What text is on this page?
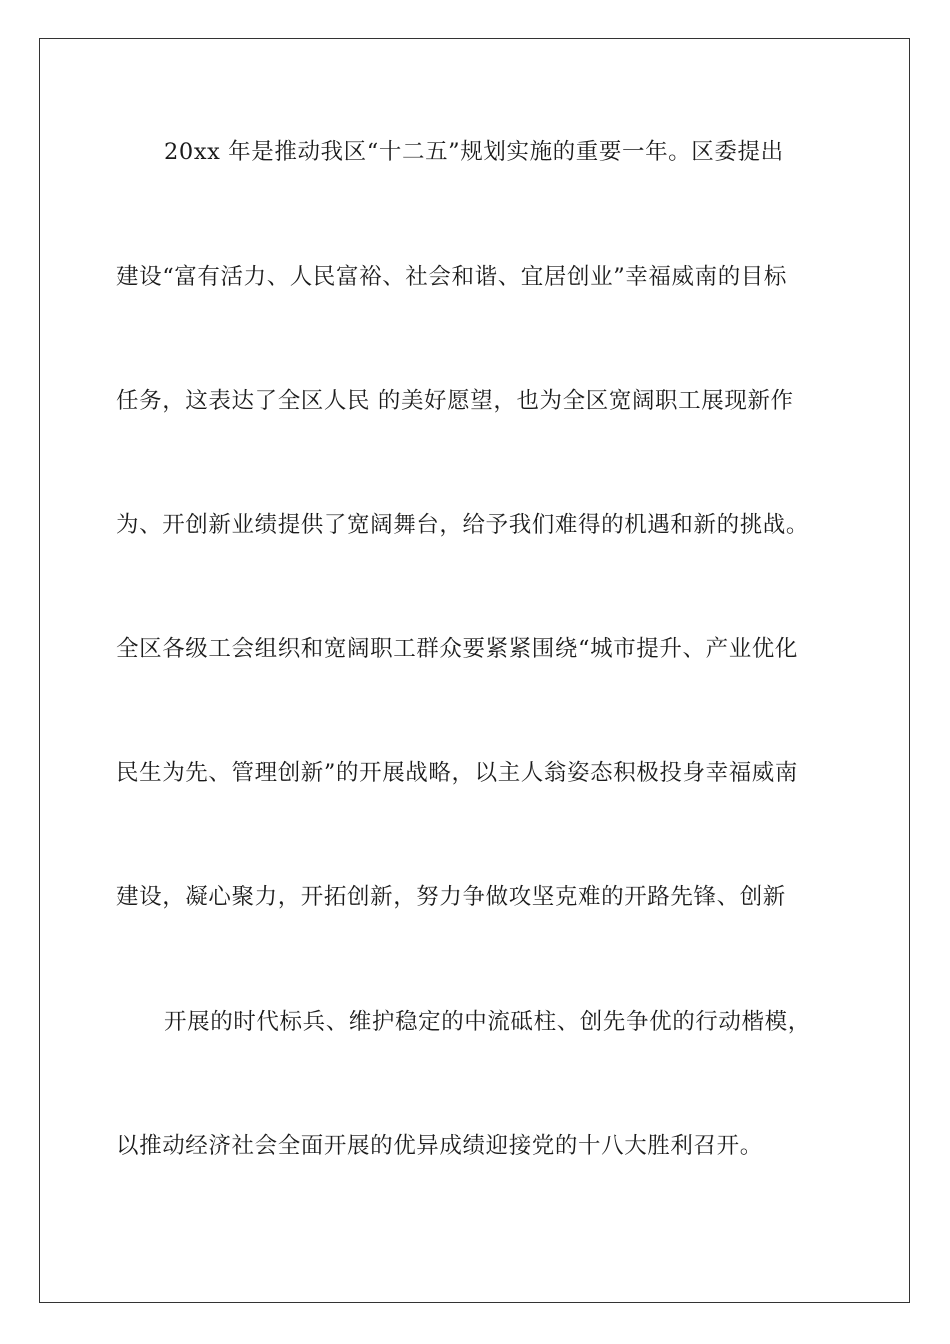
20xx 年是推动我区“十二五”规划实施的重要一年。区委提出
建设“富有活力、人民富裕、社会和谐、宜居创业”幸福威南的目标
任务，这表达了全区人民 的美好愿望，也为全区宽阔职工展现新作
为、开创新业绩提供了宽阔舞台，给予我们难得的机遇和新的挑战。
全区各级工会组织和宽阔职工群众要紧紧围绕“城市提升、产业优化
民生为先、管理创新”的开展战略，以主人翁姿态积极投身幸福威南
建设，凝心聚力，开拓创新，努力争做攻坚克难的开路先锋、创新
开展的时代标兵、维护稳定的中流砥柱、创先争优的行动楷模，
以推动经济社会全面开展的优异成绩迎接党的十八大胜利召开。
